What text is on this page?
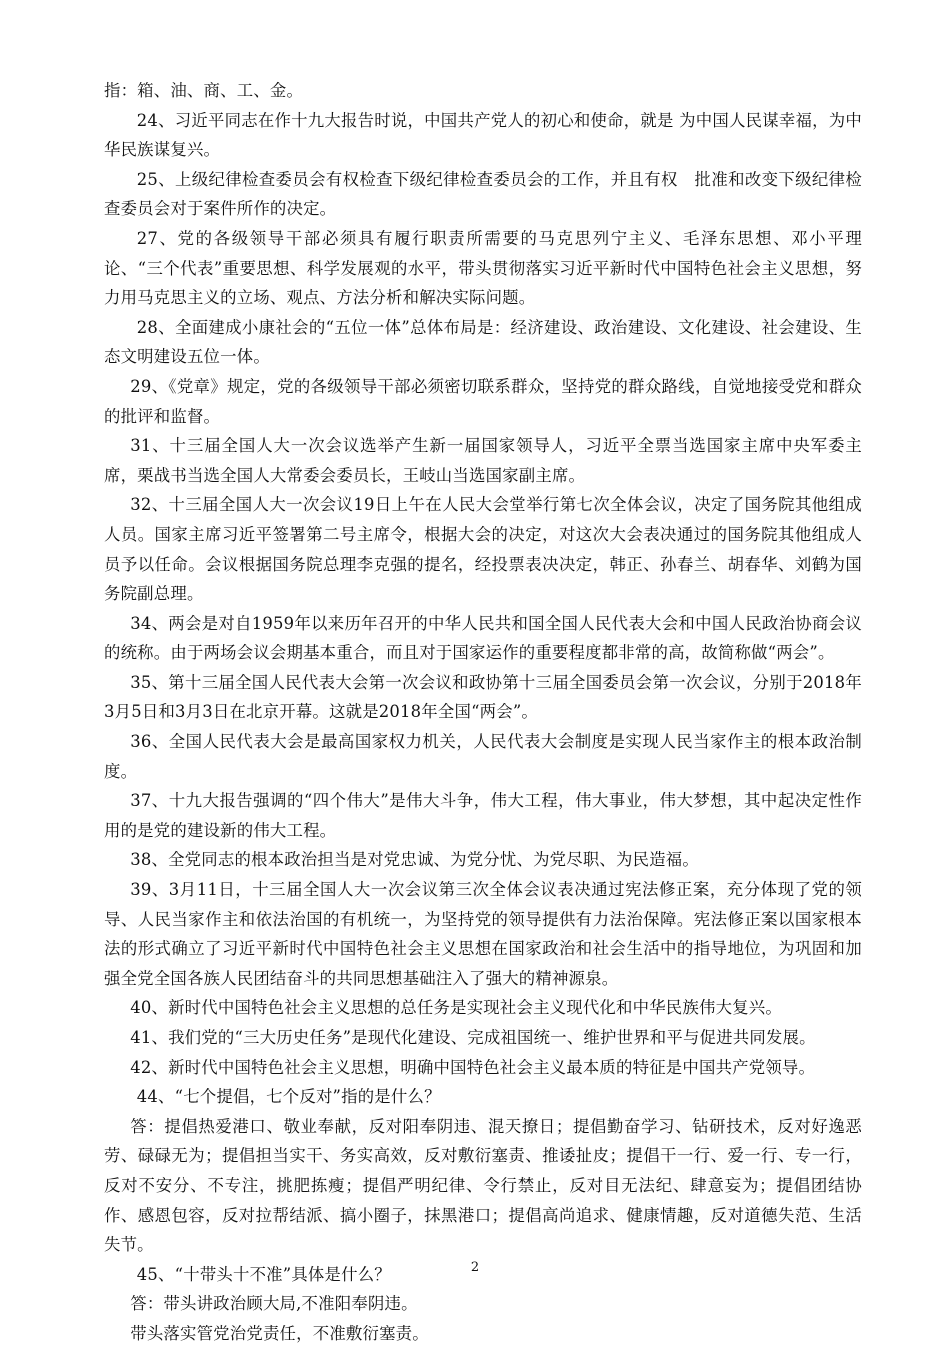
指：箱、油、商、工、金。

24、习近平同志在作十九大报告时说，中国共产党人的初心和使命，就是 为中国人民谋幸福，为中华民族谋复兴。

25、上级纪律检查委员会有权检查下级纪律检查委员会的工作，并且有权　批准和改变下级纪律检查委员会对于案件所作的决定。

27、党的各级领导干部必须具有履行职责所需要的马克思列宁主义、毛泽东思想、邓小平理论、“三个代表”重要思想、科学发展观的水平，带头贯彻落实习近平新时代中国特色社会主义思想，努力用马克思主义的立场、观点、方法分析和解决实际问题。

28、全面建成小康社会的“五位一体”总体布局是：经济建设、政治建设、文化建设、社会建设、生态文明建设五位一体。

29、《党章》规定，党的各级领导干部必须密切联系群众，坚持党的群众路线，自觉地接受党和群众的批评和监督。

31、十三届全国人大一次会议选举产生新一届国家领导人，习近平全票当选国家主席中央军委主席，栗战书当选全国人大常委会委员长，王岐山当选国家副主席。

32、十三届全国人大一次会议19日上午在人民大会堂举行第七次全体会议，决定了国务院其他组成人员。国家主席习近平签署第二号主席令，根据大会的决定，对这次大会表决通过的国务院其他组成人员予以任命。会议根据国务院总理李克强的提名，经投票表决决定，韩正、孙春兰、胡春华、刘鹤为国务院副总理。

34、两会是对自1959年以来历年召开的中华人民共和国全国人民代表大会和中国人民政治协商会议的统称。由于两场会议会期基本重合，而且对于国家运作的重要程度都非常的高，故简称做“两会”。

35、第十三届全国人民代表大会第一次会议和政协第十三届全国委员会第一次会议，分别于2018年3月5日和3月3日在北京开幕。这就是2018年全国“两会”。

36、全国人民代表大会是最高国家权力机关，人民代表大会制度是实现人民当家作主的根本政治制度。

37、十九大报告强调的“四个伟大”是伟大斗争，伟大工程，伟大事业，伟大梦想，其中起决定性作用的是党的建设新的伟大工程。

38、全党同志的根本政治担当是对党忠诚、为党分忧、为党尽职、为民造福。

39、3月11日，十三届全国人大一次会议第三次全体会议表决通过宪法修正案，充分体现了党的领导、人民当家作主和依法治国的有机统一，为坚持党的领导提供有力法治保障。宪法修正案以国家根本法的形式确立了习近平新时代中国特色社会主义思想在国家政治和社会生活中的指导地位，为巩固和加强全党全国各族人民团结奋斗的共同思想基础注入了强大的精神源泉。

40、新时代中国特色社会主义思想的总任务是实现社会主义现代化和中华民族伟大复兴。

41、我们党的“三大历史任务”是现代化建设、完成祖国统一、维护世界和平与促进共同发展。

42、新时代中国特色社会主义思想，明确中国特色社会主义最本质的特征是中国共产党领导。

44、“七个提倡，七个反对”指的是什么？

答：提倡热爱港口、敬业奉献，反对阳奉阴违、混天撩日；提倡勤奋学习、钻研技术，反对好逸恶劳、碌碌无为；提倡担当实干、务实高效，反对敷衍塞责、推诿扯皮；提倡干一行、爱一行、专一行，反对不安分、不专注，挑肥拣瘦；提倡严明纪律、令行禁止，反对目无法纪、肆意妄为；提倡团结协作、感恩包容，反对拉帮结派、搞小圈子，抹黑港口；提倡高尚追求、健康情趣，反对道德失范、生活失节。

45、“十带头十不准”具体是什么？

答：带头讲政治顾大局,不准阳奉阴违。

带头落实管党治党责任，不准敷衍塞责。

2
